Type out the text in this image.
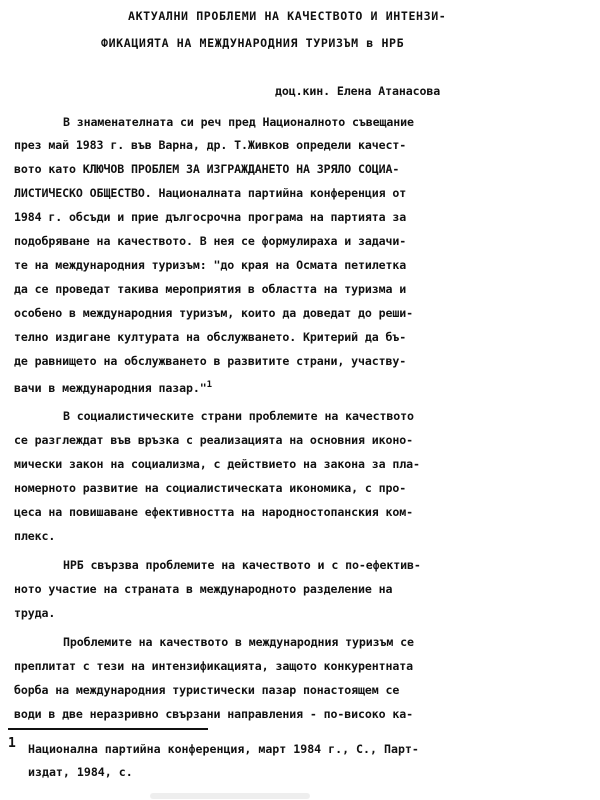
АКТУАЛНИ ПРОБЛЕМИ НА КАЧЕСТВОТО И ИНТЕНЗИ-
ФИКАЦИЯТА НА МЕЖДУНАРОДНИЯ ТУРИЗЪМ в НРБ
доц.кин. Елена Атанасова
В знаменателната си реч пред Националното съвещание
през май 1983 г. във Варна, др. Т.Живков определи качест-
вото като КЛЮЧОВ ПРОБЛЕМ ЗА ИЗГРАЖДАНЕТО НА ЗРЯЛО СОЦИА-
ЛИСТИЧЕСКО ОБЩЕСТВО. Националната партийна конференция от
1984 г. обсъди и прие дългосрочна програма на партията за
подобряване на качеството. В нея се формулираха и задачи-
те на международния туризъм: "до края на Осмата петилетка
да се проведат такива мероприятия в областта на туризма и
особено в международния туризъм, които да доведат до реши-
телно издигане културата на обслужването. Критерий да бъ-
де равнището на обслужването в развитите страни, участву-
вачи в международния пазар."$^1$
В социалистическите страни проблемите на качеството
се разглеждат във връзка с реализацията на основния иконо-
мически закон на социализма, с действието на закона за пла-
номерното развитие на социалистическата икономика, с про-
цеса на повишаване ефективността на народностопанския ком-
плекс.
НРБ свързва проблемите на качеството и с по-ефектив-
ното участие на страната в международното разделение на
труда.
Проблемите на качеството в международния туризъм се
преплитат с тези на интензификацията, защото конкурентната
борба на международния туристически пазар понастоящем се
води в две неразривно свързани направления - по-високо ка-
1 Национална партийна конференция, март 1984 г., С., Парт-
издат, 1984, с.
